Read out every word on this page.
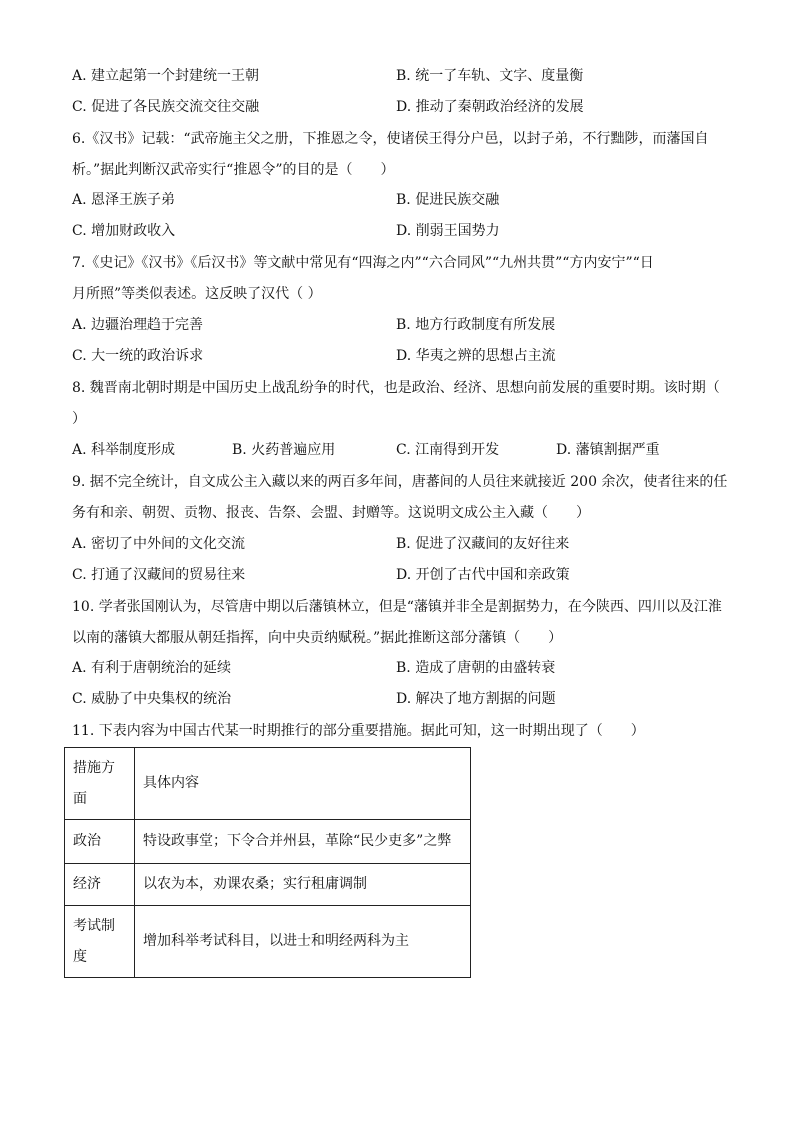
A. 建立起第一个封建统一王朝	B. 统一了车轨、文字、度量衡
C. 促进了各民族交流交往交融	D. 推动了秦朝政治经济的发展
6.《汉书》记载：“武帝施主父之册，下推恩之令，使诸侯王得分户邑，以封子弟，不行黜陟，而藩国自
析。”据此判断汉武帝实行“推恩令”的目的是（　　）
A. 恩泽王族子弟	B. 促进民族交融
C. 增加财政收入	D. 削弱王国势力
7.《史记》《汉书》《后汉书》等文献中常见有“四海之内”“六合同风”“九州共贯”“方内安宁”“日
月所照”等类似表述。这反映了汉代（ ）
A. 边疆治理趋于完善	B. 地方行政制度有所发展
C. 大一统的政治诉求	D. 华夷之辨的思想占主流
8. 魏晋南北朝时期是中国历史上战乱纷争的时代，也是政治、经济、思想向前发展的重要时期。该时期（
）
A. 科举制度形成	B. 火药普遍应用	C. 江南得到开发	D. 藩镇割据严重
9. 据不完全统计，自文成公主入藏以来的两百多年间，唐蕃间的人员往来就接近 200 余次，使者往来的任
务有和亲、朝贺、贡物、报丧、告祭、会盟、封赠等。这说明文成公主入藏（　　）
A. 密切了中外间的文化交流	B. 促进了汉藏间的友好往来
C. 打通了汉藏间的贸易往来	D. 开创了古代中国和亲政策
10. 学者张国刚认为，尽管唐中期以后藩镇林立，但是“藩镇并非全是割据势力，在今陕西、四川以及江淮
以南的藩镇大都服从朝廷指挥，向中央贡纳赋税。”据此推断这部分藩镇（　　）
A. 有利于唐朝统治的延续	B. 造成了唐朝的由盛转衰
C. 威胁了中央集权的统治	D. 解决了地方割据的问题
11. 下表内容为中国古代某一时期推行的部分重要措施。据此可知，这一时期出现了（　　）
措施方面	具体内容

政治	特设政事堂；下令合并州县，革除“民少吏多”之弊
经济	以农为本，劝课农桑；实行租庸调制

考试制度	增加科举考试科目，以进士和明经两科为主
